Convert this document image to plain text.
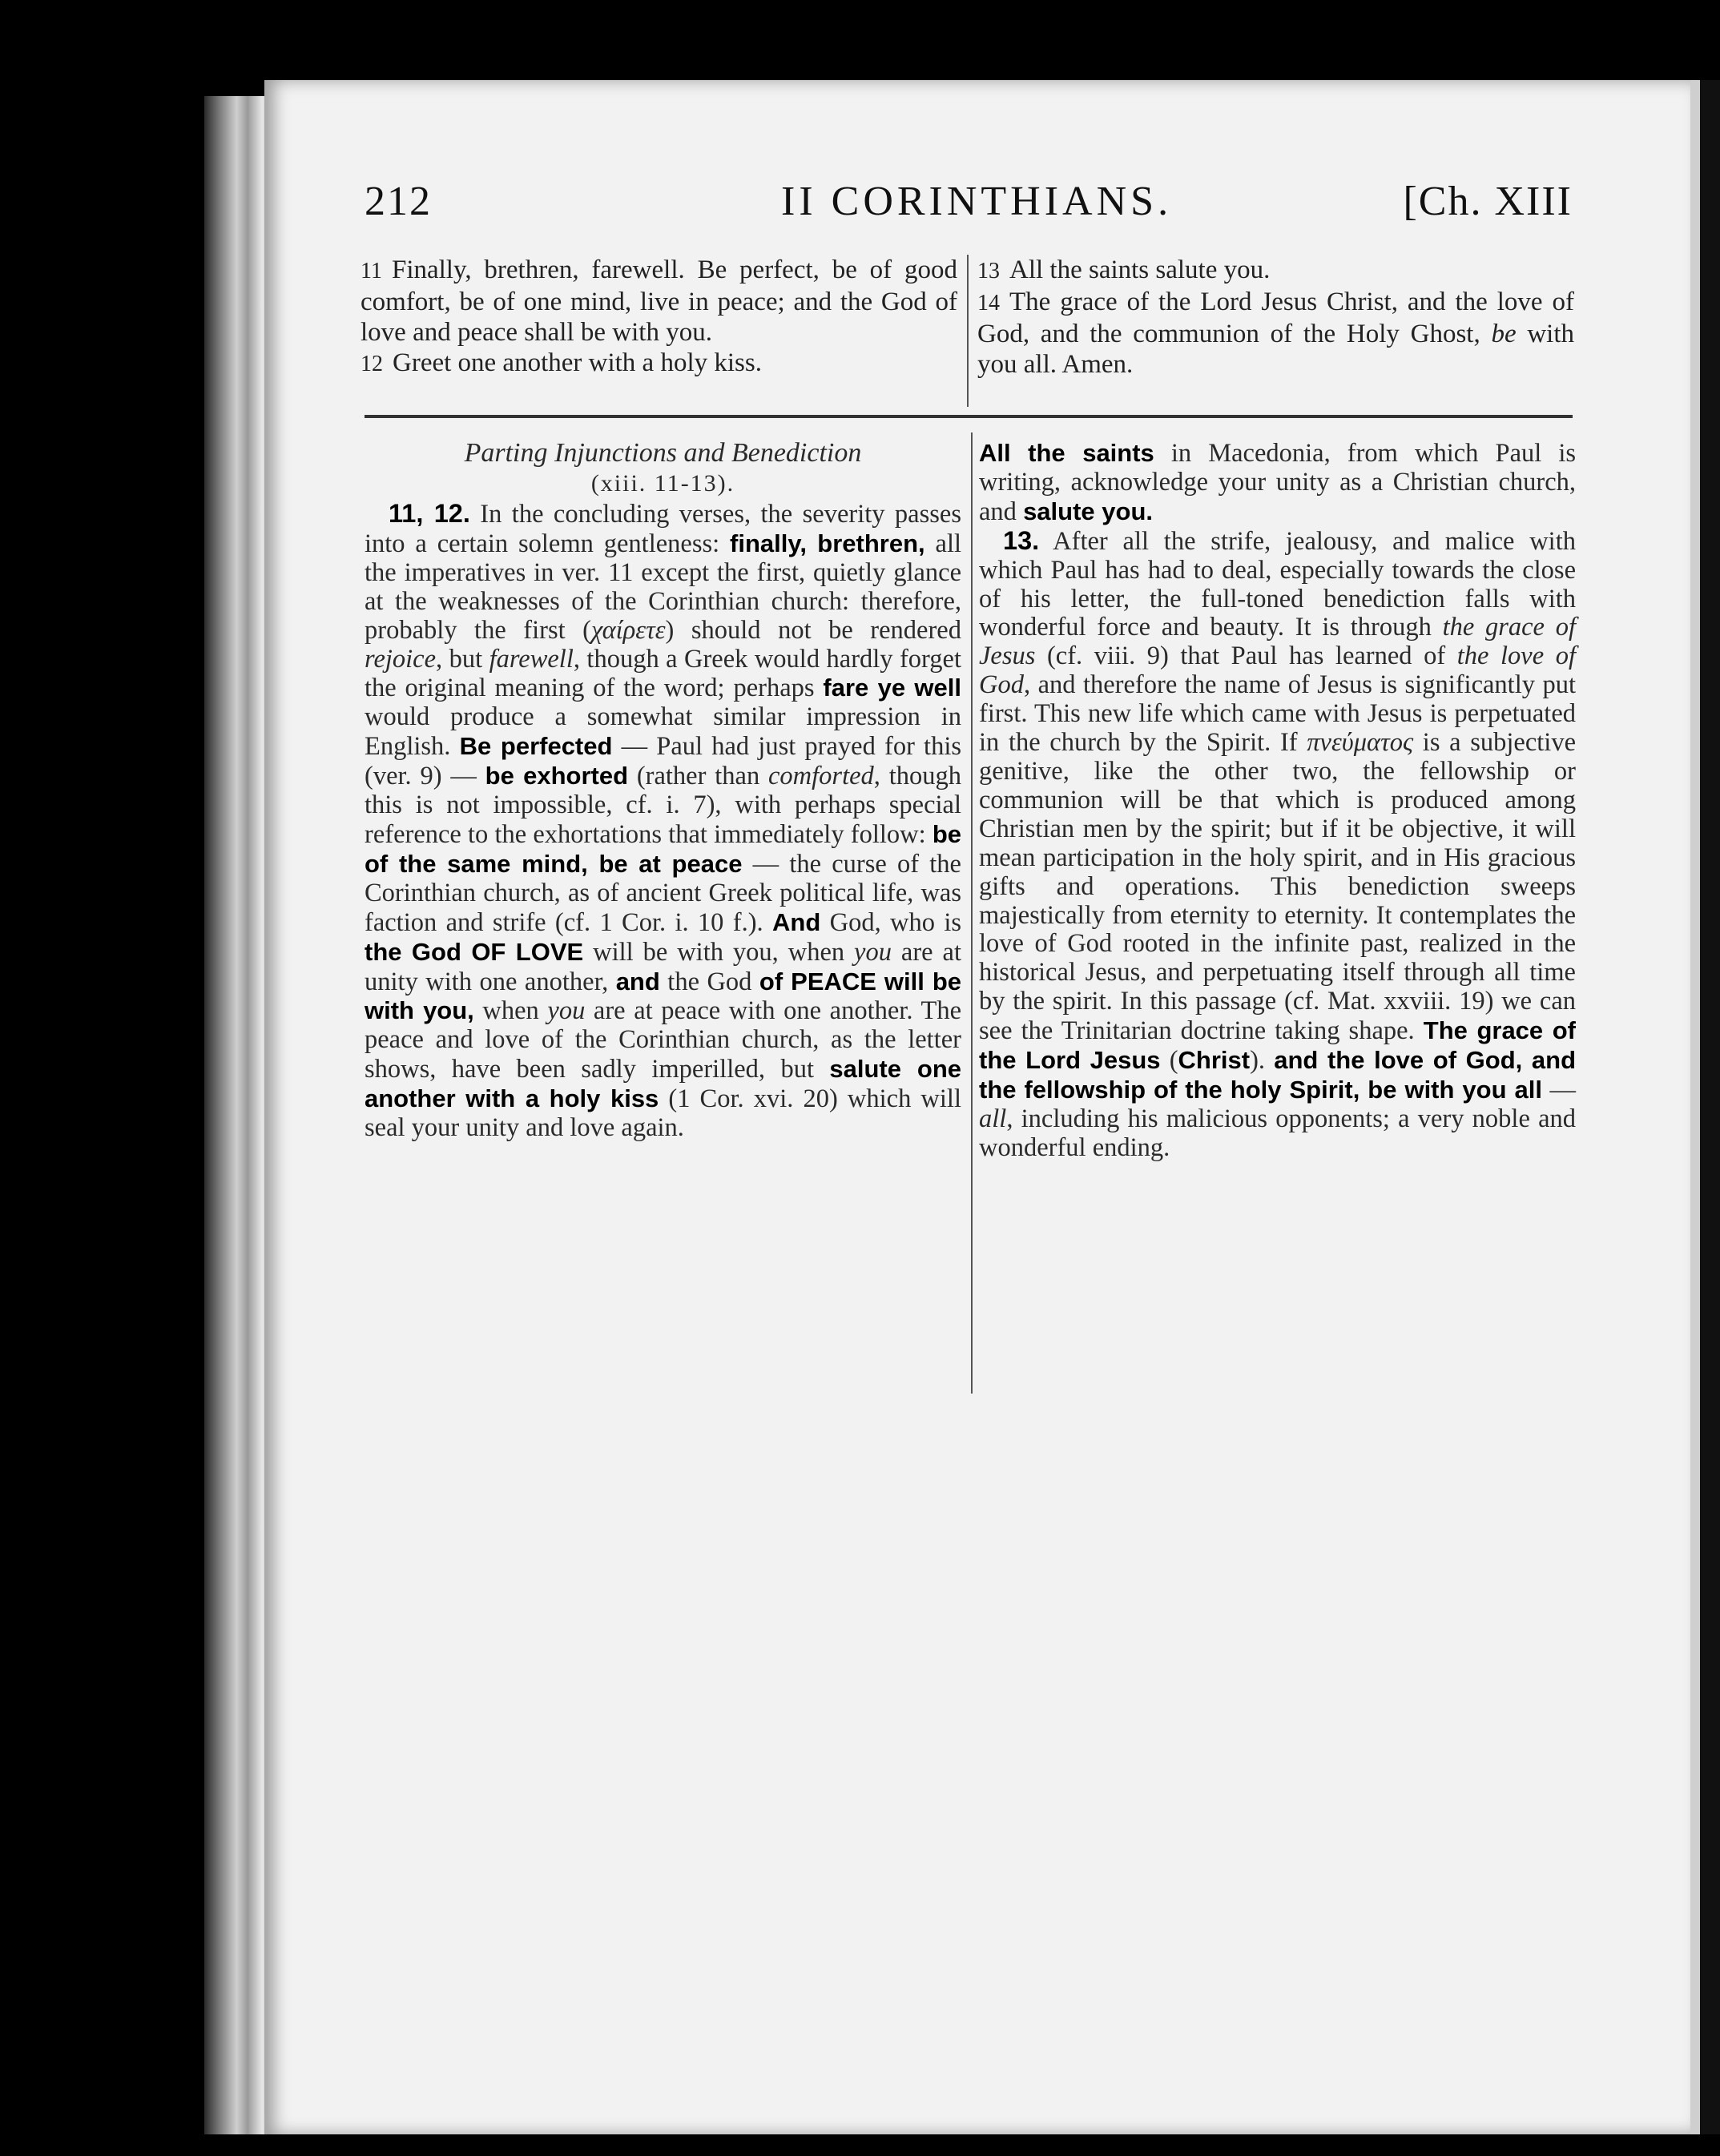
212	II CORINTHIANS.	[Ch. XIII

11 Finally, brethren, farewell. Be perfect, be of good comfort, be of one mind, live in peace; and the God of love and peace shall be with you.

12 Greet one another with a holy kiss.

13 All the saints salute you.

14 The grace of the Lord Jesus Christ, and the love of God, and the communion of the Holy Ghost, be with you all. Amen.

Parting Injunctions and Benediction

(xiii. 11-13).

11, 12. In the concluding verses, the severity passes into a certain solemn gentleness: finally, brethren, all the imperatives in ver. 11 except the first, quietly glance at the weaknesses of the Corinthian church: therefore, probably the first (χαίρετε) should not be rendered rejoice, but farewell, though a Greek would hardly forget the original meaning of the word; perhaps fare ye well would produce a somewhat similar impression in English. Be perfected — Paul had just prayed for this (ver. 9) — be exhorted (rather than comforted, though this is not impossible, cf. i. 7), with perhaps special reference to the exhortations that immediately follow: be of the same mind, be at peace — the curse of the Corinthian church, as of ancient Greek political life, was faction and strife (cf. 1 Cor. i. 10 f.). And God, who is the God OF LOVE will be with you, when you are at unity with one another, and the God of PEACE will be with you, when you are at peace with one another. The peace and love of the Corinthian church, as the letter shows, have been sadly imperilled, but salute one another with a holy kiss (1 Cor. xvi. 20) which will seal your unity and love again.

All the saints in Macedonia, from which Paul is writing, acknowledge your unity as a Christian church, and salute you.

13. After all the strife, jealousy, and malice with which Paul has had to deal, especially towards the close of his letter, the full-toned benediction falls with wonderful force and beauty. It is through the grace of Jesus (cf. viii. 9) that Paul has learned of the love of God, and therefore the name of Jesus is significantly put first. This new life which came with Jesus is perpetuated in the church by the Spirit. If πνεύματος is a subjective genitive, like the other two, the fellowship or communion will be that which is produced among Christian men by the spirit; but if it be objective, it will mean participation in the holy spirit, and in His gracious gifts and operations. This benediction sweeps majestically from eternity to eternity. It contemplates the love of God rooted in the infinite past, realized in the historical Jesus, and perpetuating itself through all time by the spirit. In this passage (cf. Mat. xxviii. 19) we can see the Trinitarian doctrine taking shape. The grace of the Lord Jesus (Christ). and the love of God, and the fellowship of the holy Spirit, be with you all — all, including his malicious opponents; a very noble and wonderful ending.
